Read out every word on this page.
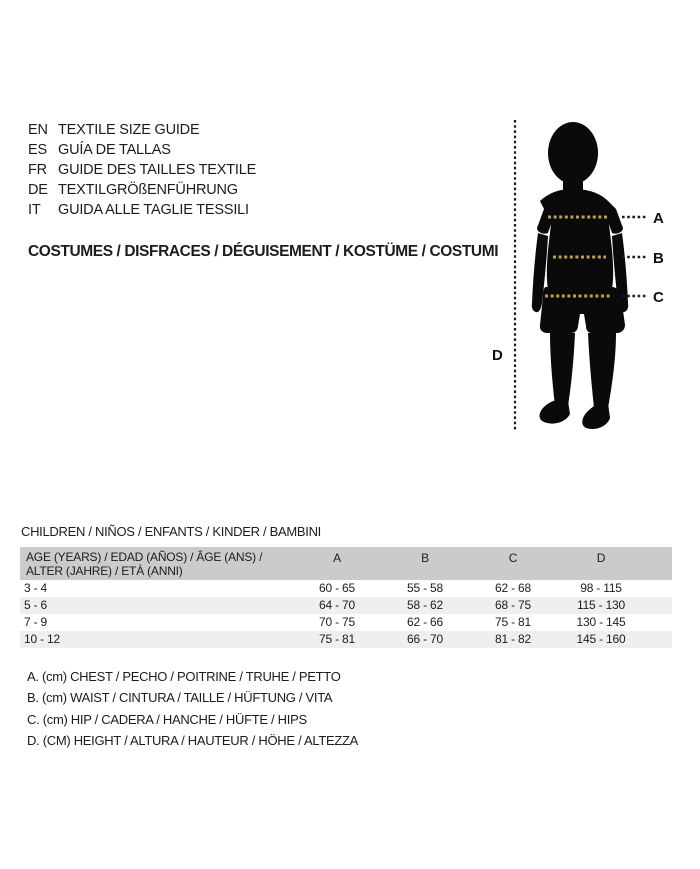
EN TEXTILE SIZE GUIDE
ES GUÍA DE TALLAS
FR GUIDE DES TAILLES TEXTILE
DE TEXTILGRÖßENFÜHRUNG
IT	GUIDA ALLE TAGLIE TESSILI
COSTUMES / DISFRACES / DÉGUISEMENT / KOSTÜME / COSTUMI
D
A
B
C
CHILDREN / NIÑOS / ENFANTS / KINDER / BAMBINI
AGE (YEARS) / EDAD (AÑOS) / ÂGE (ANS) /
ALTER (JAHRE) / ETÀ (ANNI)
A	B	C	D
3 - 4	60 - 65	55 - 58	62 - 68	98 - 115
5 - 6	64 - 70	58 - 62	68 - 75	115 - 130
7 - 9	70 - 75	62 - 66	75 - 81	130 - 145
10 - 12	75 - 81	66 - 70	81 - 82	145 - 160
A. (cm) CHEST / PECHO / POITRINE / TRUHE / PETTO
B. (cm) WAIST / CINTURA / TAILLE / HÜFTUNG / VITA
C. (cm) HIP / CADERA / HANCHE / HÜFTE / HIPS
D. (CM) HEIGHT / ALTURA / HAUTEUR / HÖHE / ALTEZZA
